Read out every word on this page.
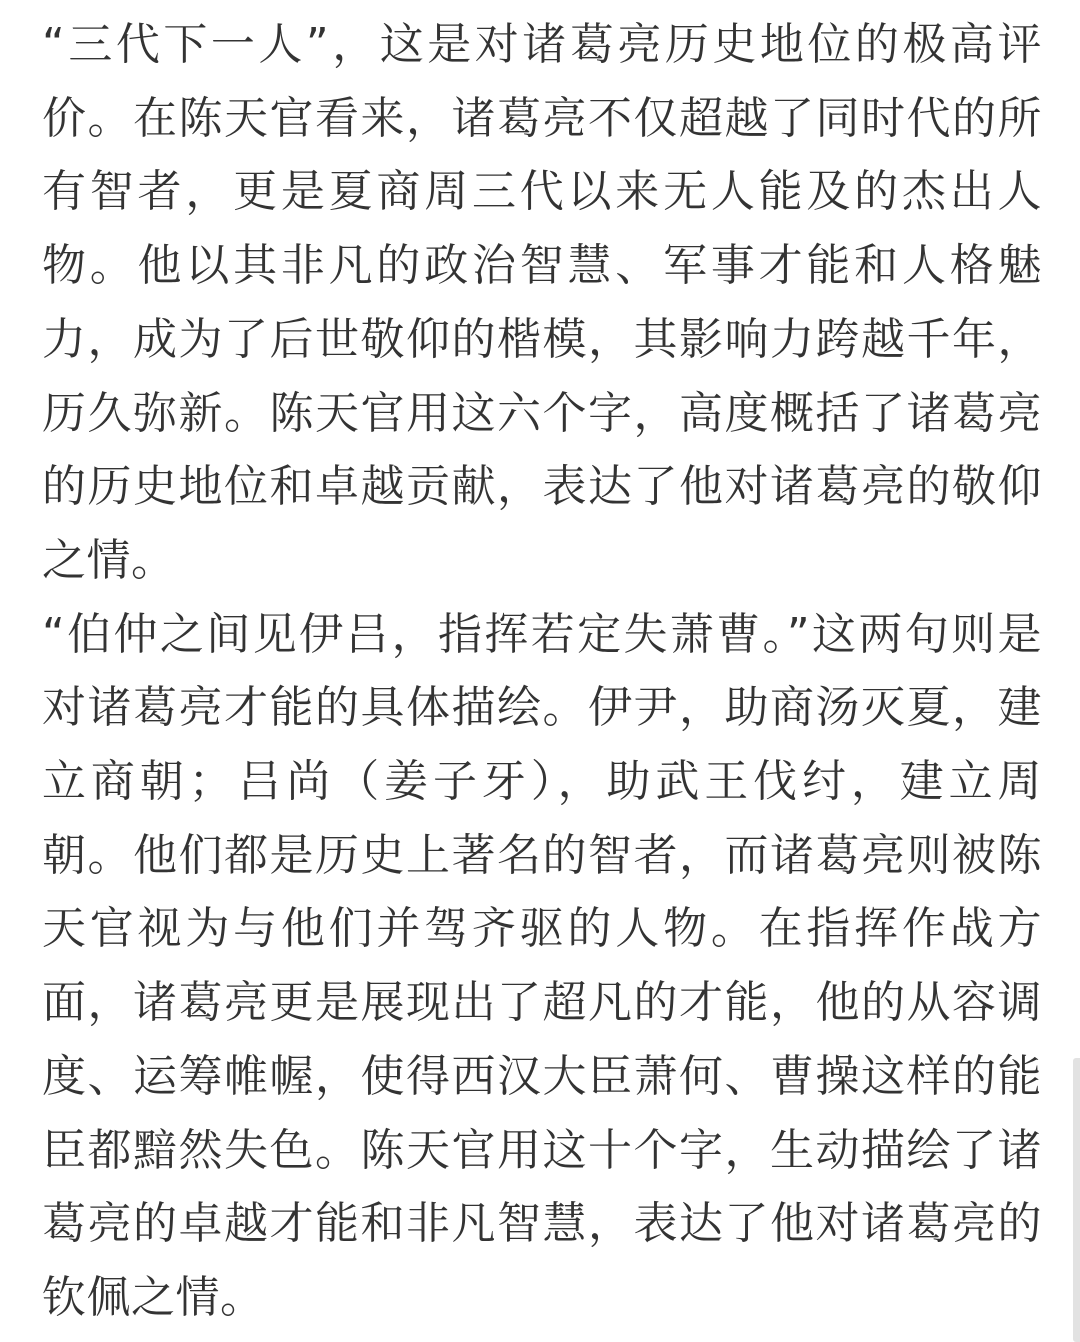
“三代下一人”，这是对诸葛亮历史地位的极高评价。在陈天官看来，诸葛亮不仅超越了同时代的所有智者，更是夏商周三代以来无人能及的杰出人物。他以其非凡的政治智慧、军事才能和人格魅力，成为了后世敬仰的楷模，其影响力跨越千年，历久弥新。陈天官用这六个字，高度概括了诸葛亮的历史地位和卓越贡献，表达了他对诸葛亮的敬仰之情。

“伯仲之间见伊吕，指挥若定失萧曹。”这两句则是对诸葛亮才能的具体描绘。伊尹，助商汤灭夏，建立商朝；吕尚（姜子牙），助武王伐纣，建立周朝。他们都是历史上著名的智者，而诸葛亮则被陈天官视为与他们并驾齐驱的人物。在指挥作战方面，诸葛亮更是展现出了超凡的才能，他的从容调度、运筹帷幄，使得西汉大臣萧何、曹操这样的能臣都黯然失色。陈天官用这十个字，生动描绘了诸葛亮的卓越才能和非凡智慧，表达了他对诸葛亮的钦佩之情。
